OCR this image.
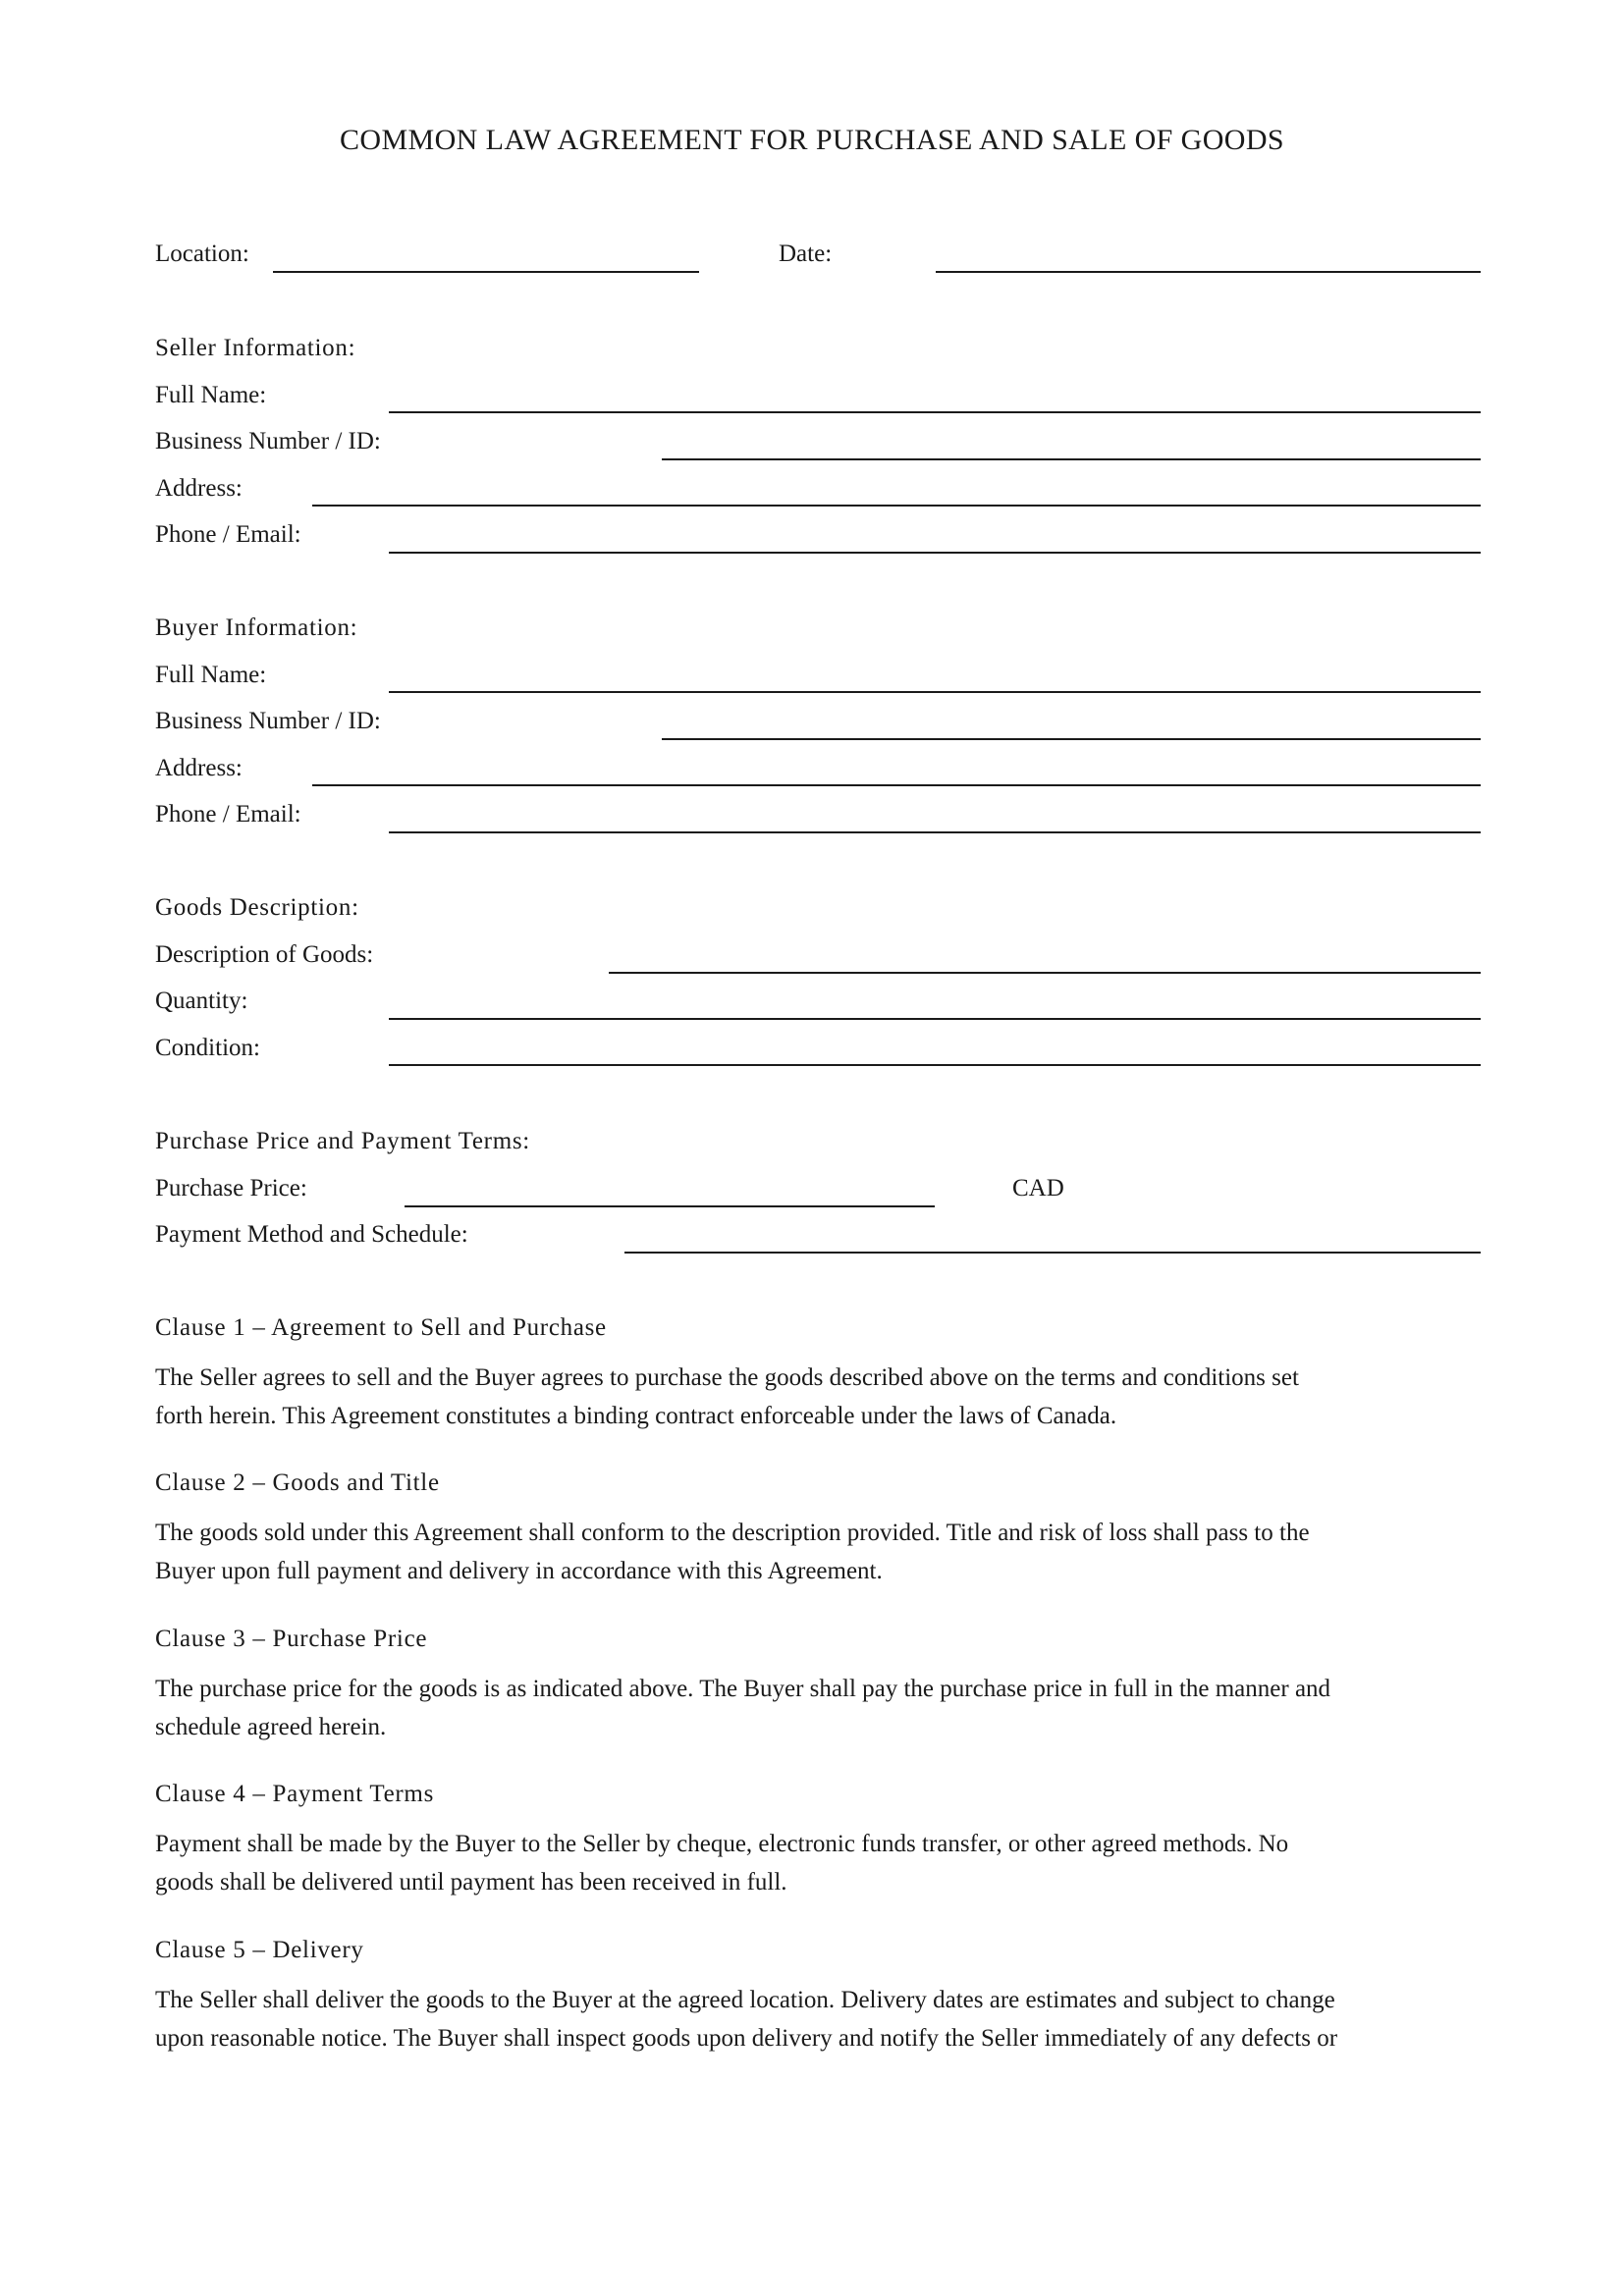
COMMON LAW AGREEMENT FOR PURCHASE AND SALE OF GOODS
Location:	Date:
Seller Information:
Full Name:
Business Number / ID:
Address:
Phone / Email:
Buyer Information:
Full Name:
Business Number / ID:
Address:
Phone / Email:
Goods Description:
Description of Goods:
Quantity:
Condition:
Purchase Price and Payment Terms:
Purchase Price:	CAD
Payment Method and Schedule:
Clause 1 – Agreement to Sell and Purchase
The Seller agrees to sell and the Buyer agrees to purchase the goods described above on the terms and conditions set
forth herein. This Agreement constitutes a binding contract enforceable under the laws of Canada.
Clause 2 – Goods and Title
The goods sold under this Agreement shall conform to the description provided. Title and risk of loss shall pass to the
Buyer upon full payment and delivery in accordance with this Agreement.
Clause 3 – Purchase Price
The purchase price for the goods is as indicated above. The Buyer shall pay the purchase price in full in the manner and
schedule agreed herein.
Clause 4 – Payment Terms
Payment shall be made by the Buyer to the Seller by cheque, electronic funds transfer, or other agreed methods. No
goods shall be delivered until payment has been received in full.
Clause 5 – Delivery
The Seller shall deliver the goods to the Buyer at the agreed location. Delivery dates are estimates and subject to change
upon reasonable notice. The Buyer shall inspect goods upon delivery and notify the Seller immediately of any defects or
